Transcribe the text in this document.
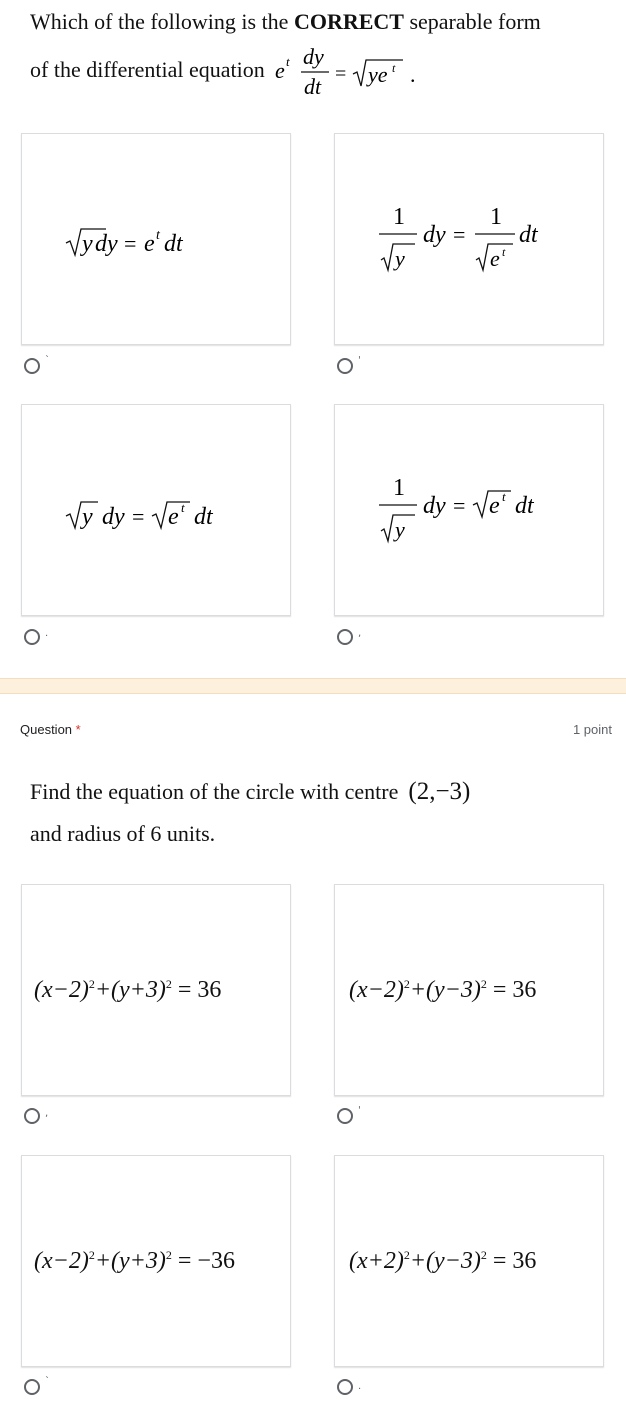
Which of the following is the CORRECT separable form
of the differential equation e t dy
dt = ye t .
y dy = e t dt
`
1
y
dy =
1
e t
dt
'
y dy = e t dt
.
1
y
dy = e t dt
,
Question *	1 point
Find the equation of the circle with centre (2,−3)
and radius of 6 units.
$(x-2)^2+(y+3)^2 = 36$
,
$(x-2)^2+(y-3)^2 = 36$
'
$(x-2)^2+(y+3)^2 = -36$
`
$(x+2)^2+(y-3)^2 = 36$
.
